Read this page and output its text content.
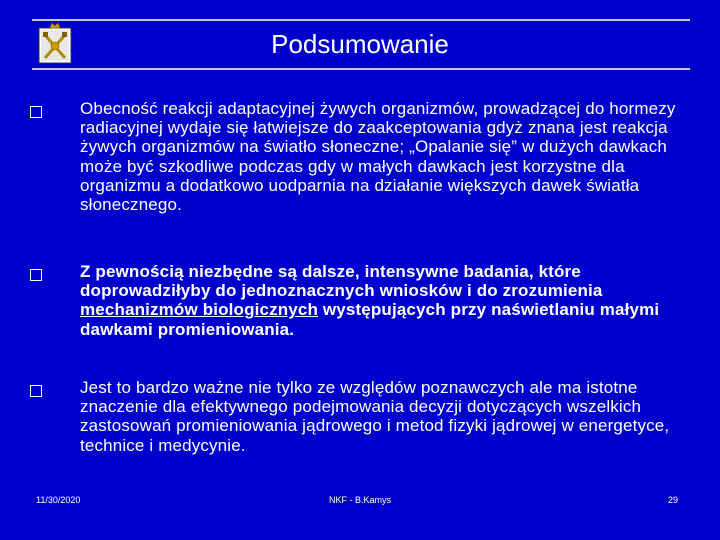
Podsumowanie
Obecność reakcji adaptacyjnej żywych organizmów, prowadzącej do hormezy radiacyjnej wydaje się łatwiejsze do zaakceptowania gdyż znana jest reakcja żywych organizmów na światło słoneczne; „Opalanie się” w dużych dawkach może być szkodliwe podczas gdy w małych dawkach jest korzystne dla organizmu a dodatkowo uodparnia na działanie większych dawek światła słonecznego.
Z pewnością niezbędne są dalsze, intensywne badania, które doprowadziłyby do jednoznacznych wniosków i do zrozumienia mechanizmów biologicznych występujących przy naświetlaniu małymi dawkami promieniowania.
Jest to bardzo ważne nie tylko ze względów poznawczych ale ma istotne znaczenie dla efektywnego podejmowania decyzji dotyczących wszelkich zastosowań promieniowania jądrowego i metod fizyki jądrowej w energetyce, technice i medycynie.
11/30/2020	NKF - B.Kamys	29
